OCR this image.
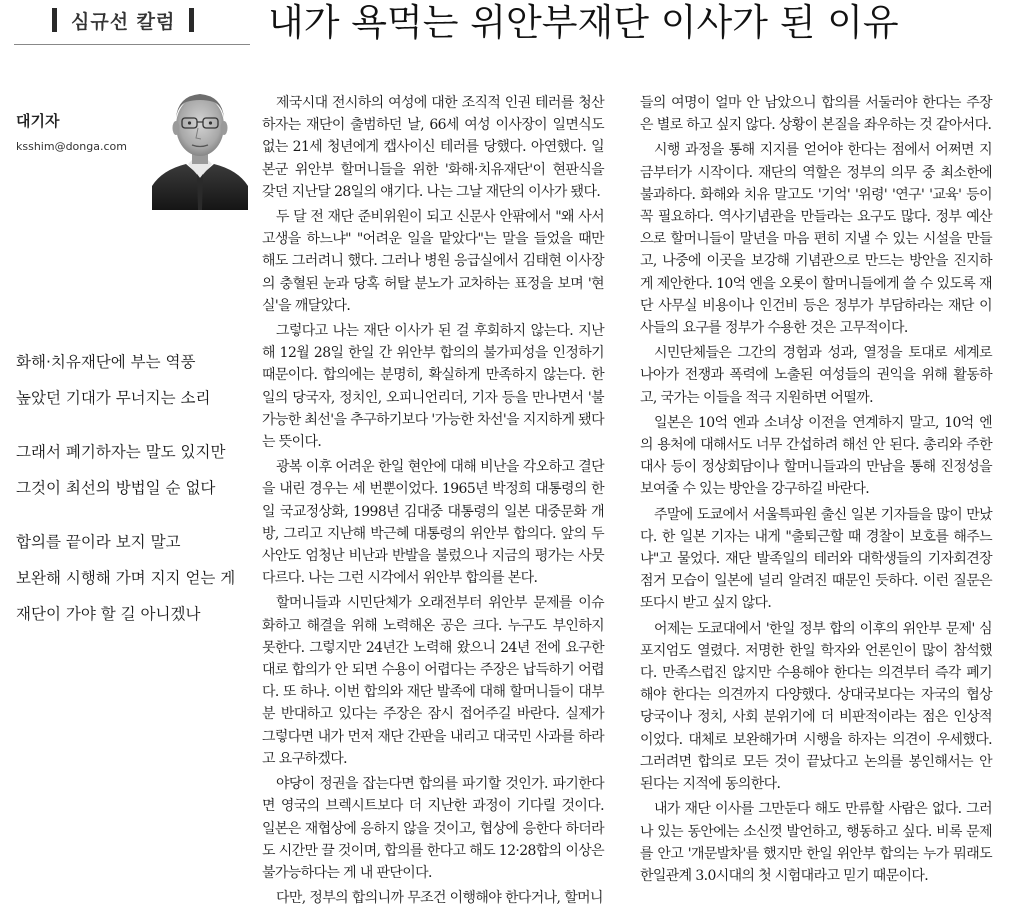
심규선 칼럼	내가 욕먹는 위안부재단 이사가 된 이유
대기자
ksshim@donga.com
화해·치유재단에 부는 역풍
높았던 기대가 무너지는 소리
그래서 폐기하자는 말도 있지만
그것이 최선의 방법일 순 없다
합의를 끝이라 보지 말고
보완해 시행해 가며 지지 얻는 게
재단이 가야 할 길 아니겠나

제국시대 전시하의 여성에 대한 조직적 인권 테러를 청산하자는 재단이 출범하던 날, 66세 여성 이사장이 일면식도 없는 21세 청년에게 캡사이신 테러를 당했다. 아연했다. 일본군 위안부 할머니들을 위한 '화해·치유재단'이 현판식을 갖던 지난달 28일의 얘기다. 나는 그날 재단의 이사가 됐다.

두 달 전 재단 준비위원이 되고 신문사 안팎에서 "왜 사서 고생을 하느냐" "어려운 일을 맡았다"는 말을 들었을 때만 해도 그러려니 했다. 그러나 병원 응급실에서 김태현 이사장의 충혈된 눈과 당혹 허탈 분노가 교차하는 표정을 보며 '현실'을 깨달았다.

그렇다고 나는 재단 이사가 된 걸 후회하지 않는다. 지난해 12월 28일 한일 간 위안부 합의의 불가피성을 인정하기 때문이다. 합의에는 분명히, 확실하게 만족하지 않는다. 한일의 당국자, 정치인, 오피니언리더, 기자 등을 만나면서 '불가능한 최선'을 추구하기보다 '가능한 차선'을 지지하게 됐다는 뜻이다.

광복 이후 어려운 한일 현안에 대해 비난을 각오하고 결단을 내린 경우는 세 번뿐이었다. 1965년 박정희 대통령의 한일 국교정상화, 1998년 김대중 대통령의 일본 대중문화 개방, 그리고 지난해 박근혜 대통령의 위안부 합의다. 앞의 두 사안도 엄청난 비난과 반발을 불렀으나 지금의 평가는 사뭇 다르다. 나는 그런 시각에서 위안부 합의를 본다.

할머니들과 시민단체가 오래전부터 위안부 문제를 이슈화하고 해결을 위해 노력해온 공은 크다. 누구도 부인하지 못한다. 그렇지만 24년간 노력해 왔으니 24년 전에 요구한 대로 합의가 안 되면 수용이 어렵다는 주장은 납득하기 어렵다. 또 하나. 이번 합의와 재단 발족에 대해 할머니들이 대부분 반대하고 있다는 주장은 잠시 접어주길 바란다. 실제가 그렇다면 내가 먼저 재단 간판을 내리고 대국민 사과를 하라고 요구하겠다.

야당이 정권을 잡는다면 합의를 파기할 것인가. 파기한다면 영국의 브렉시트보다 더 지난한 과정이 기다릴 것이다. 일본은 재협상에 응하지 않을 것이고, 협상에 응한다 하더라도 시간만 끌 것이며, 합의를 한다고 해도 12·28합의 이상은 불가능하다는 게 내 판단이다.

다만, 정부의 합의니까 무조건 이행해야 한다거나, 할머니

들의 여명이 얼마 안 남았으니 합의를 서둘러야 한다는 주장은 별로 하고 싶지 않다. 상황이 본질을 좌우하는 것 같아서다.

시행 과정을 통해 지지를 얻어야 한다는 점에서 어쩌면 지금부터가 시작이다. 재단의 역할은 정부의 의무 중 최소한에 불과하다. 화해와 치유 말고도 '기억' '위령' '연구' '교육' 등이 꼭 필요하다. 역사기념관을 만들라는 요구도 많다. 정부 예산으로 할머니들이 말년을 마음 편히 지낼 수 있는 시설을 만들고, 나중에 이곳을 보강해 기념관으로 만드는 방안을 진지하게 제안한다. 10억 엔을 오롯이 할머니들에게 쓸 수 있도록 재단 사무실 비용이나 인건비 등은 정부가 부담하라는 재단 이사들의 요구를 정부가 수용한 것은 고무적이다.

시민단체들은 그간의 경험과 성과, 열정을 토대로 세계로 나아가 전쟁과 폭력에 노출된 여성들의 권익을 위해 활동하고, 국가는 이들을 적극 지원하면 어떨까.

일본은 10억 엔과 소녀상 이전을 연계하지 말고, 10억 엔의 용처에 대해서도 너무 간섭하려 해선 안 된다. 총리와 주한 대사 등이 정상회담이나 할머니들과의 만남을 통해 진정성을 보여줄 수 있는 방안을 강구하길 바란다.

주말에 도쿄에서 서울특파원 출신 일본 기자들을 많이 만났다. 한 일본 기자는 내게 "출퇴근할 때 경찰이 보호를 해주느냐"고 물었다. 재단 발족일의 테러와 대학생들의 기자회견장 점거 모습이 일본에 널리 알려진 때문인 듯하다. 이런 질문은 또다시 받고 싶지 않다.

어제는 도쿄대에서 '한일 정부 합의 이후의 위안부 문제' 심포지엄도 열렸다. 저명한 한일 학자와 언론인이 많이 참석했다. 만족스럽진 않지만 수용해야 한다는 의견부터 즉각 폐기해야 한다는 의견까지 다양했다. 상대국보다는 자국의 협상 당국이나 정치, 사회 분위기에 더 비판적이라는 점은 인상적이었다. 대체로 보완해가며 시행을 하자는 의견이 우세했다. 그러려면 합의로 모든 것이 끝났다고 논의를 봉인해서는 안 된다는 지적에 동의한다.

내가 재단 이사를 그만둔다 해도 만류할 사람은 없다. 그러나 있는 동안에는 소신껏 발언하고, 행동하고 싶다. 비록 문제를 안고 '개문발차'를 했지만 한일 위안부 합의는 누가 뭐래도 한일관계 3.0시대의 첫 시험대라고 믿기 때문이다.
